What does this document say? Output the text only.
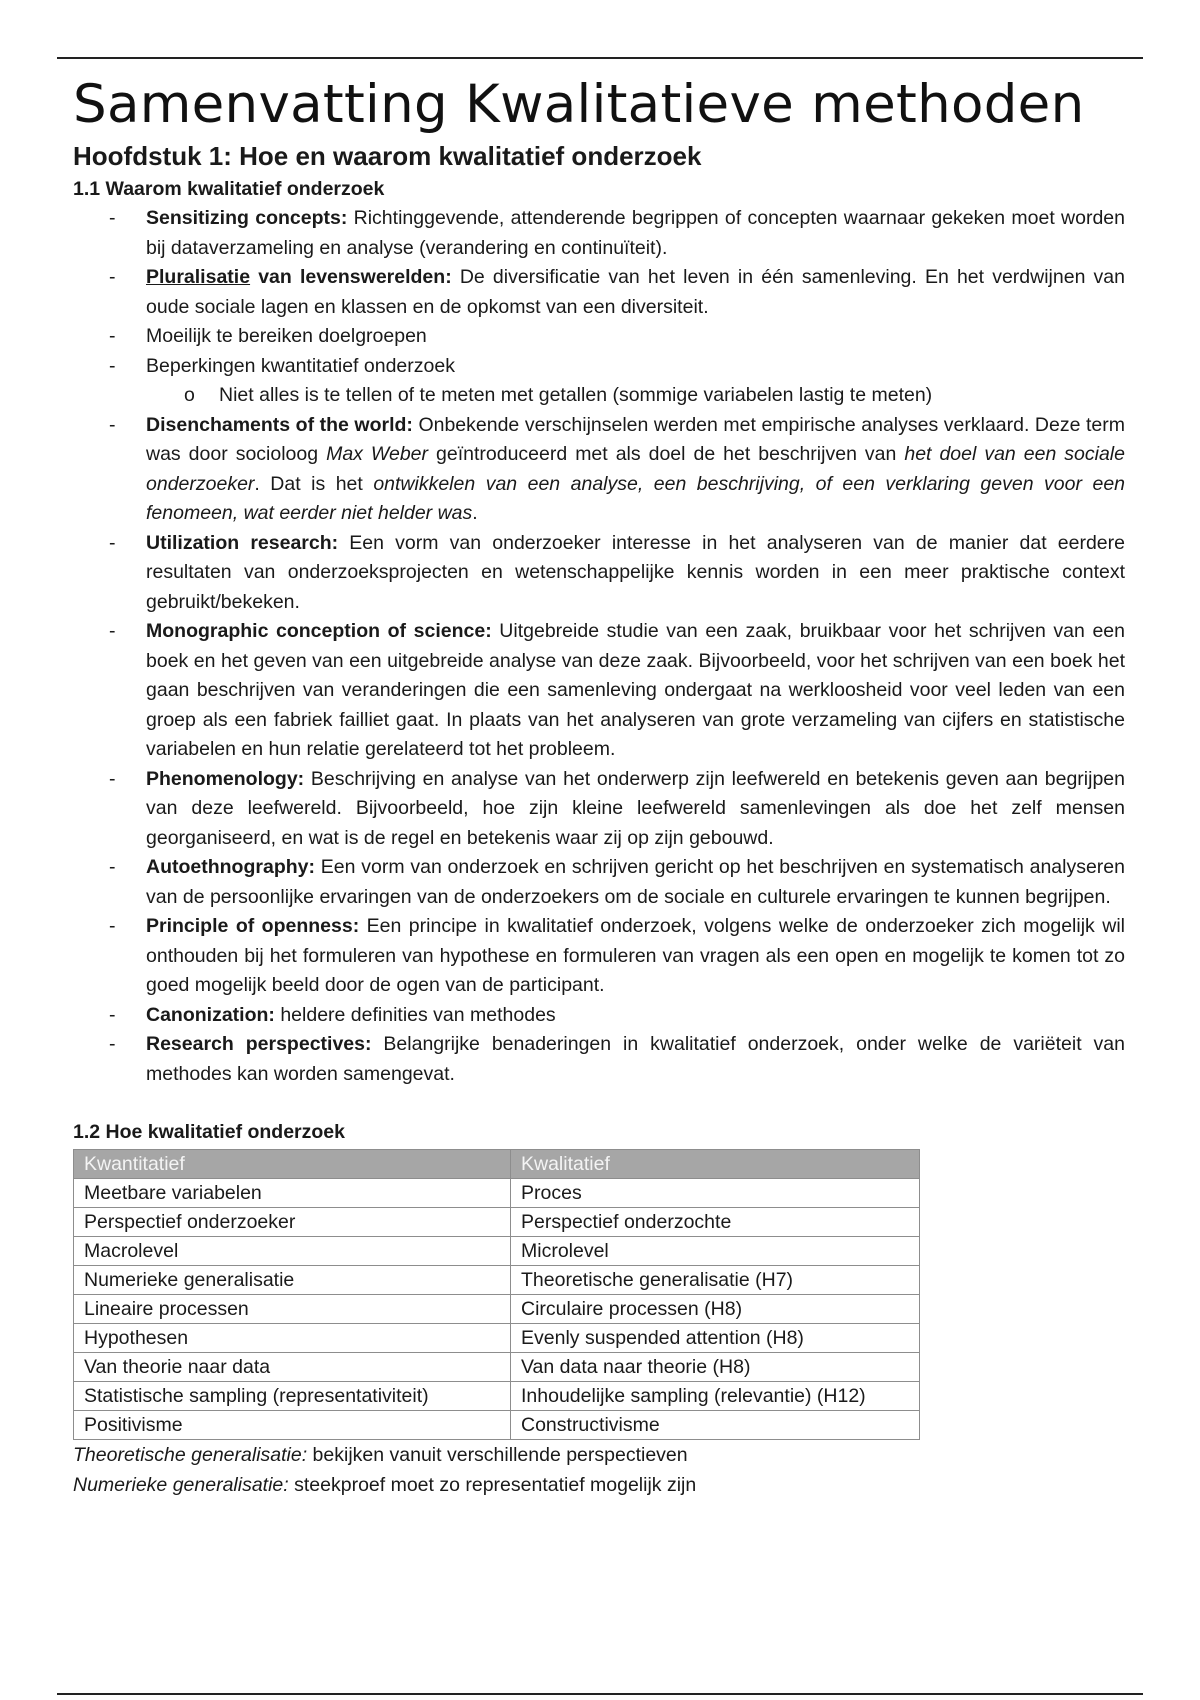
Samenvatting Kwalitatieve methoden
Hoofdstuk 1: Hoe en waarom kwalitatief onderzoek
1.1 Waarom kwalitatief onderzoek
- Sensitizing concepts: Richtinggevende, attenderende begrippen of concepten waarnaar gekeken moet worden bij dataverzameling en analyse (verandering en continuïteit).
- Pluralisatie van levenswerelden: De diversificatie van het leven in één samenleving. En het verdwijnen van oude sociale lagen en klassen en de opkomst van een diversiteit.
- Moeilijk te bereiken doelgroepen
- Beperkingen kwantitatief onderzoek
o Niet alles is te tellen of te meten met getallen (sommige variabelen lastig te meten)
- Disenchaments of the world: Onbekende verschijnselen werden met empirische analyses verklaard. Deze term was door socioloog Max Weber geïntroduceerd met als doel de het beschrijven van het doel van een sociale onderzoeker. Dat is het ontwikkelen van een analyse, een beschrijving, of een verklaring geven voor een fenomeen, wat eerder niet helder was.
- Utilization research: Een vorm van onderzoeker interesse in het analyseren van de manier dat eerdere resultaten van onderzoeksprojecten en wetenschappelijke kennis worden in een meer praktische context gebruikt/bekeken.
- Monographic conception of science: Uitgebreide studie van een zaak, bruikbaar voor het schrijven van een boek en het geven van een uitgebreide analyse van deze zaak. Bijvoorbeeld, voor het schrijven van een boek het gaan beschrijven van veranderingen die een samenleving ondergaat na werkloosheid voor veel leden van een groep als een fabriek failliet gaat. In plaats van het analyseren van grote verzameling van cijfers en statistische variabelen en hun relatie gerelateerd tot het probleem.
- Phenomenology: Beschrijving en analyse van het onderwerp zijn leefwereld en betekenis geven aan begrijpen van deze leefwereld. Bijvoorbeeld, hoe zijn kleine leefwereld samenlevingen als doe het zelf mensen georganiseerd, en wat is de regel en betekenis waar zij op zijn gebouwd.
- Autoethnography: Een vorm van onderzoek en schrijven gericht op het beschrijven en systematisch analyseren van de persoonlijke ervaringen van de onderzoekers om de sociale en culturele ervaringen te kunnen begrijpen.
- Principle of openness: Een principe in kwalitatief onderzoek, volgens welke de onderzoeker zich mogelijk wil onthouden bij het formuleren van hypothese en formuleren van vragen als een open en mogelijk te komen tot zo goed mogelijk beeld door de ogen van de participant.
- Canonization: heldere definities van methodes
- Research perspectives: Belangrijke benaderingen in kwalitatief onderzoek, onder welke de variëteit van methodes kan worden samengevat.
1.2 Hoe kwalitatief onderzoek
Kwantitatief	Kwalitatief
Meetbare variabelen	Proces
Perspectief onderzoeker	Perspectief onderzochte
Macrolevel	Microlevel
Numerieke generalisatie	Theoretische generalisatie (H7)
Lineaire processen	Circulaire processen (H8)
Hypothesen	Evenly suspended attention (H8)
Van theorie naar data	Van data naar theorie (H8)
Statistische sampling (representativiteit)	Inhoudelijke sampling (relevantie) (H12)
Positivisme	Constructivisme
Theoretische generalisatie: bekijken vanuit verschillende perspectieven
Numerieke generalisatie: steekproef moet zo representatief mogelijk zijn
